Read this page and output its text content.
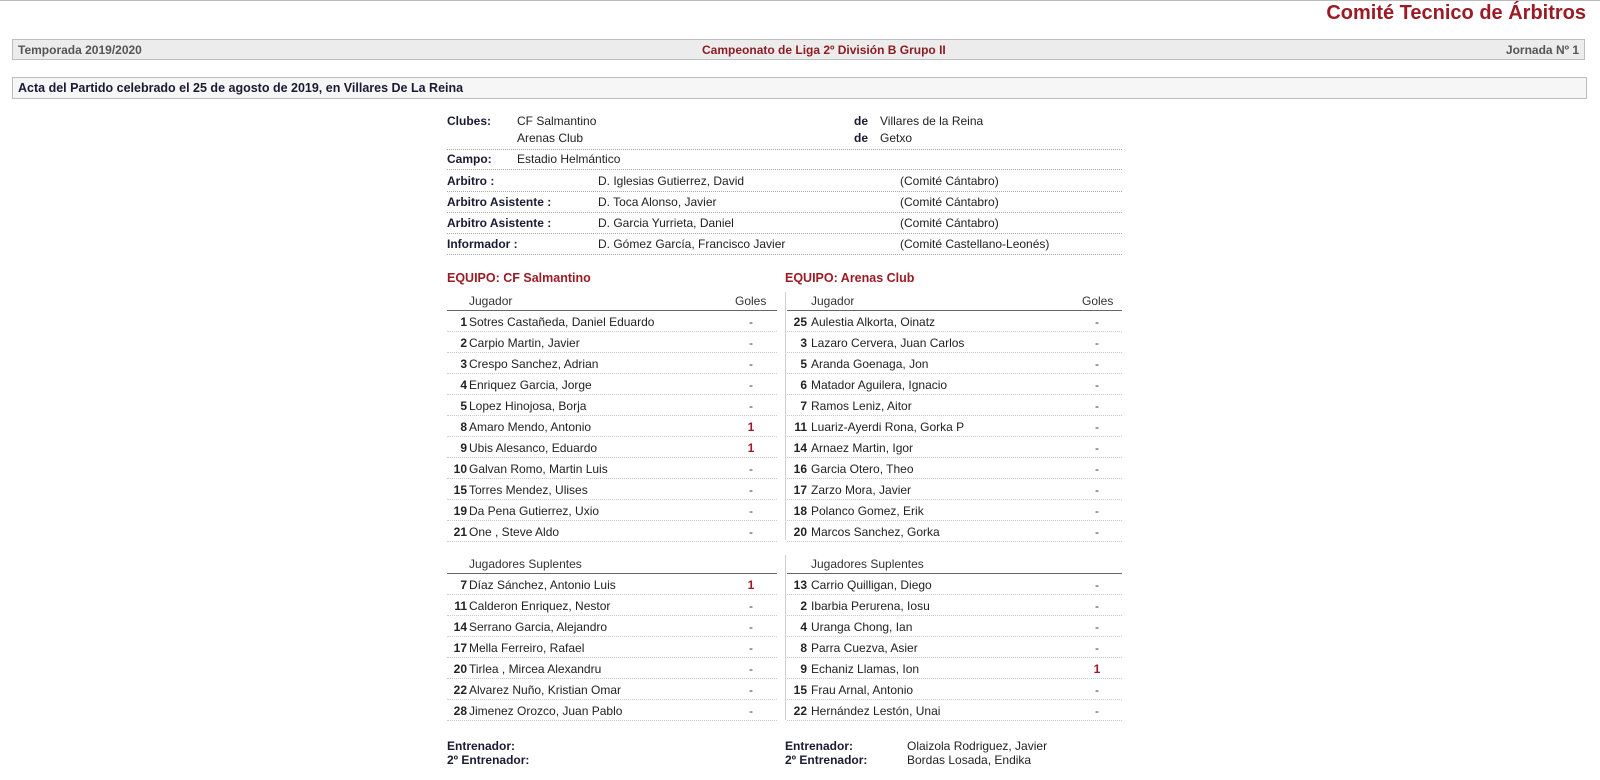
Comité Tecnico de Árbitros
Temporada 2019/2020	Campeonato de Liga 2º División B Grupo II	Jornada Nº 1
Acta del Partido celebrado el 25 de agosto de 2019, en Villares De La Reina
Clubes: CF Salmantino	de Villares de la Reina
Arenas Club	de Getxo
Campo: Estadio Helmántico
Arbitro :	D. Iglesias Gutierrez, David	(Comité Cántabro)
Arbitro Asistente :	D. Toca Alonso, Javier	(Comité Cántabro)
Arbitro Asistente :	D. Garcia Yurrieta, Daniel	(Comité Cántabro)
Informador :	D. Gómez García, Francisco Javier	(Comité Castellano-Leonés)
EQUIPO: CF Salmantino	EQUIPO: Arenas Club
Jugador	Goles
1 Sotres Castañeda, Daniel Eduardo	-
2 Carpio Martin, Javier	-
3 Crespo Sanchez, Adrian	-
4 Enriquez Garcia, Jorge	-
5 Lopez Hinojosa, Borja	-
8 Amaro Mendo, Antonio	1
9 Ubis Alesanco, Eduardo	1
10 Galvan Romo, Martin Luis	-
15 Torres Mendez, Ulises	-
19 Da Pena Gutierrez, Uxio	-
21 One , Steve Aldo	-
Jugador	Goles
25 Aulestia Alkorta, Oinatz	-
3 Lazaro Cervera, Juan Carlos	-
5 Aranda Goenaga, Jon	-
6 Matador Aguilera, Ignacio	-
7 Ramos Leniz, Aitor	-
11 Luariz-Ayerdi Rona, Gorka P	-
14 Arnaez Martin, Igor	-
16 Garcia Otero, Theo	-
17 Zarzo Mora, Javier	-
18 Polanco Gomez, Erik	-
20 Marcos Sanchez, Gorka	-
Jugadores Suplentes
7 Díaz Sánchez, Antonio Luis	1
11 Calderon Enriquez, Nestor	-
14 Serrano Garcia, Alejandro	-
17 Mella Ferreiro, Rafael	-
20 Tirlea , Mircea Alexandru	-
22 Alvarez Nuño, Kristian Omar	-
28 Jimenez Orozco, Juan Pablo	-
Jugadores Suplentes
13 Carrio Quilligan, Diego	-
2 Ibarbia Perurena, Iosu	-
4 Uranga Chong, Ian	-
8 Parra Cuezva, Asier	-
9 Echaniz Llamas, Ion	1
15 Frau Arnal, Antonio	-
22 Hernández Lestón, Unai	-
Entrenador:
2º Entrenador:
Entrenador:	Olaizola Rodriguez, Javier
2º Entrenador:	Bordas Losada, Endika
